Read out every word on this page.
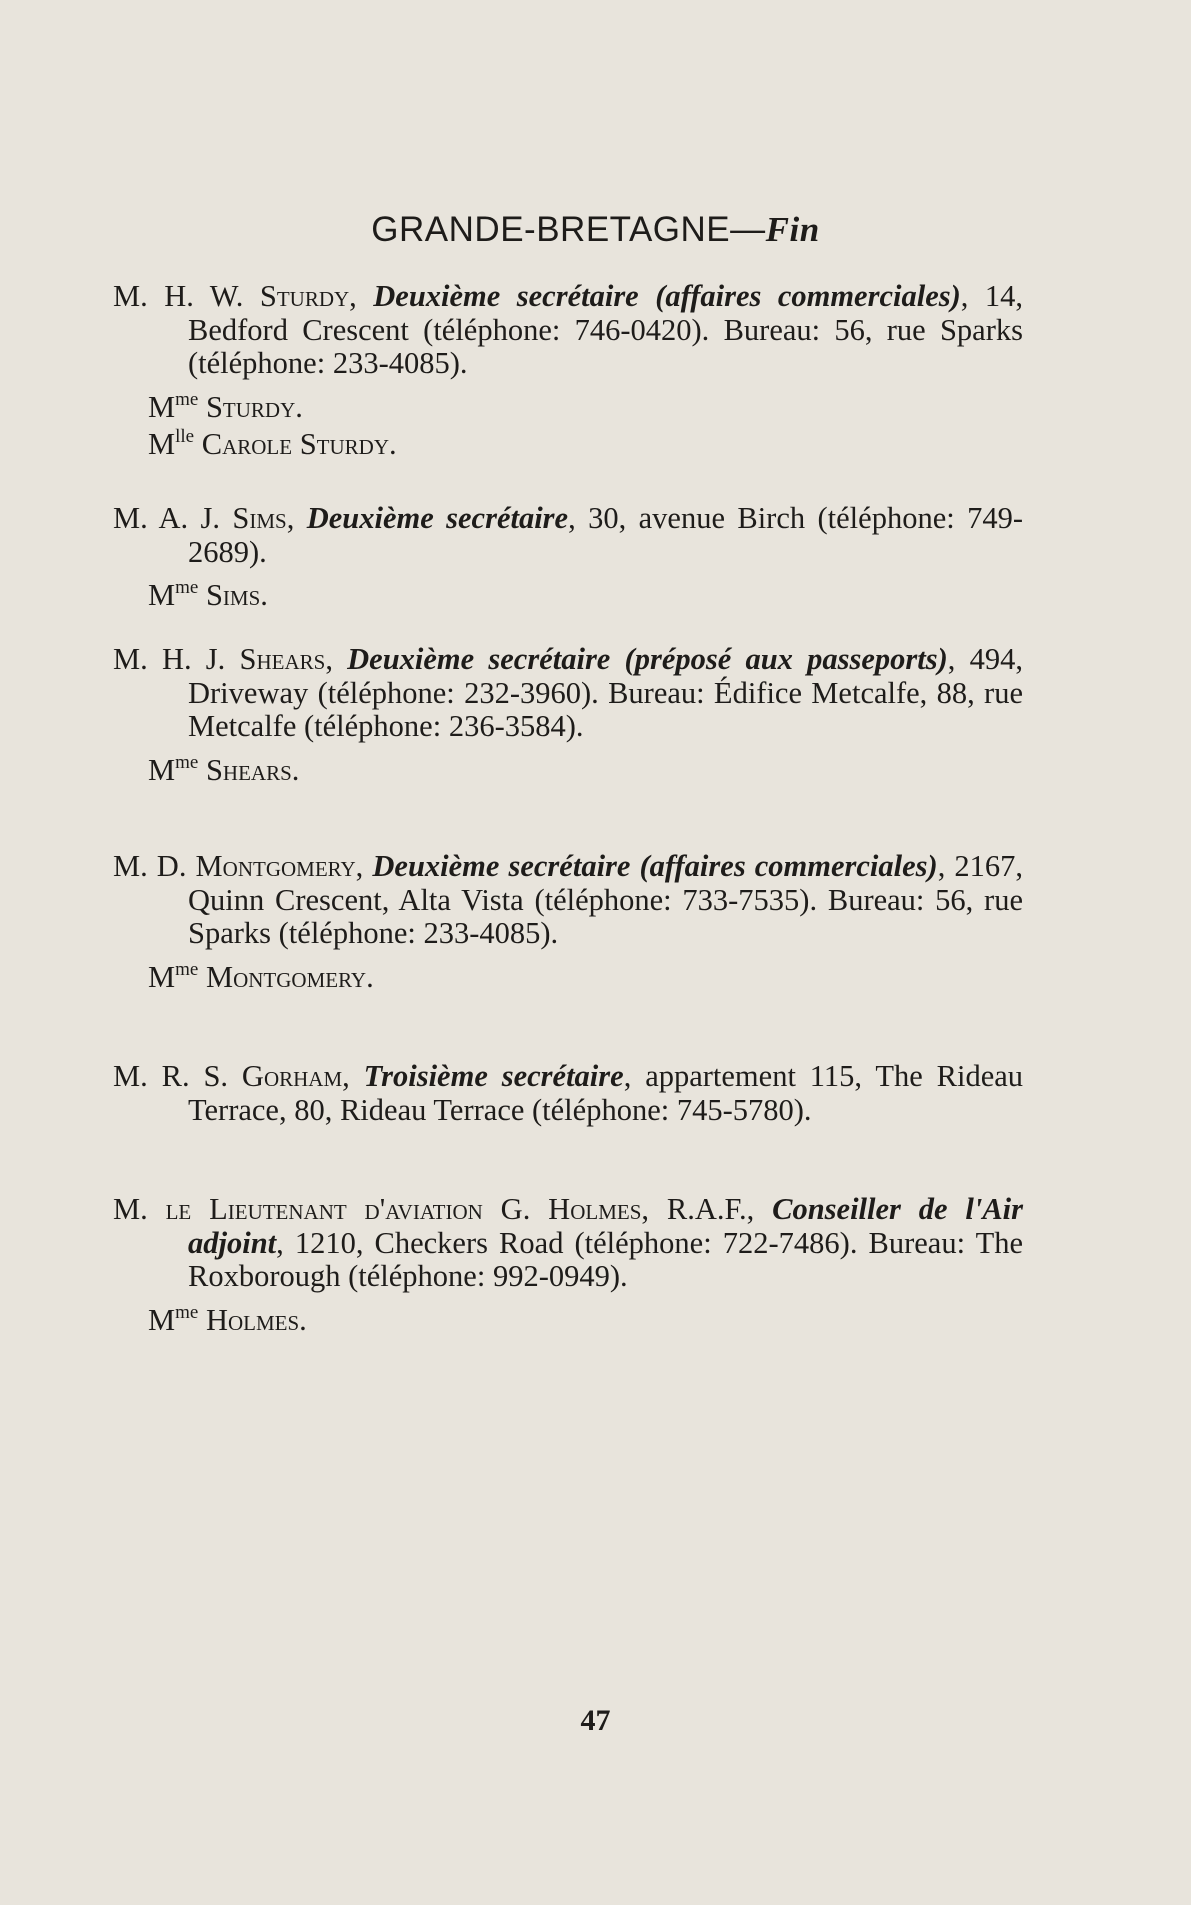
GRANDE-BRETAGNE—Fin

M. H. W. Sturdy, Deuxième secrétaire (affaires commerciales), 14, Bedford Crescent (téléphone: 746-0420). Bureau: 56, rue Sparks (téléphone: 233-4085).

$M^{me}$ Sturdy.

$M^{lle}$ Carole Sturdy.

M. A. J. Sims, Deuxième secrétaire, 30, avenue Birch (téléphone: 749-2689).

$M^{me}$ Sims.

M. H. J. Shears, Deuxième secrétaire (préposé aux passeports), 494, Driveway (téléphone: 232-3960). Bureau: Édifice Metcalfe, 88, rue Metcalfe (téléphone: 236-3584).

$M^{me}$ Shears.

M. D. Montgomery, Deuxième secrétaire (affaires commerciales), 2167, Quinn Crescent, Alta Vista (téléphone: 733-7535). Bureau: 56, rue Sparks (téléphone: 233-4085).

$M^{me}$ Montgomery.

M. R. S. Gorham, Troisième secrétaire, appartement 115, The Rideau Terrace, 80, Rideau Terrace (téléphone: 745-5780).

M. le Lieutenant d'aviation G. Holmes, R.A.F., Conseiller de l'Air adjoint, 1210, Checkers Road (téléphone: 722-7486). Bureau: The Roxborough (téléphone: 992-0949).

$M^{me}$ Holmes.

47
